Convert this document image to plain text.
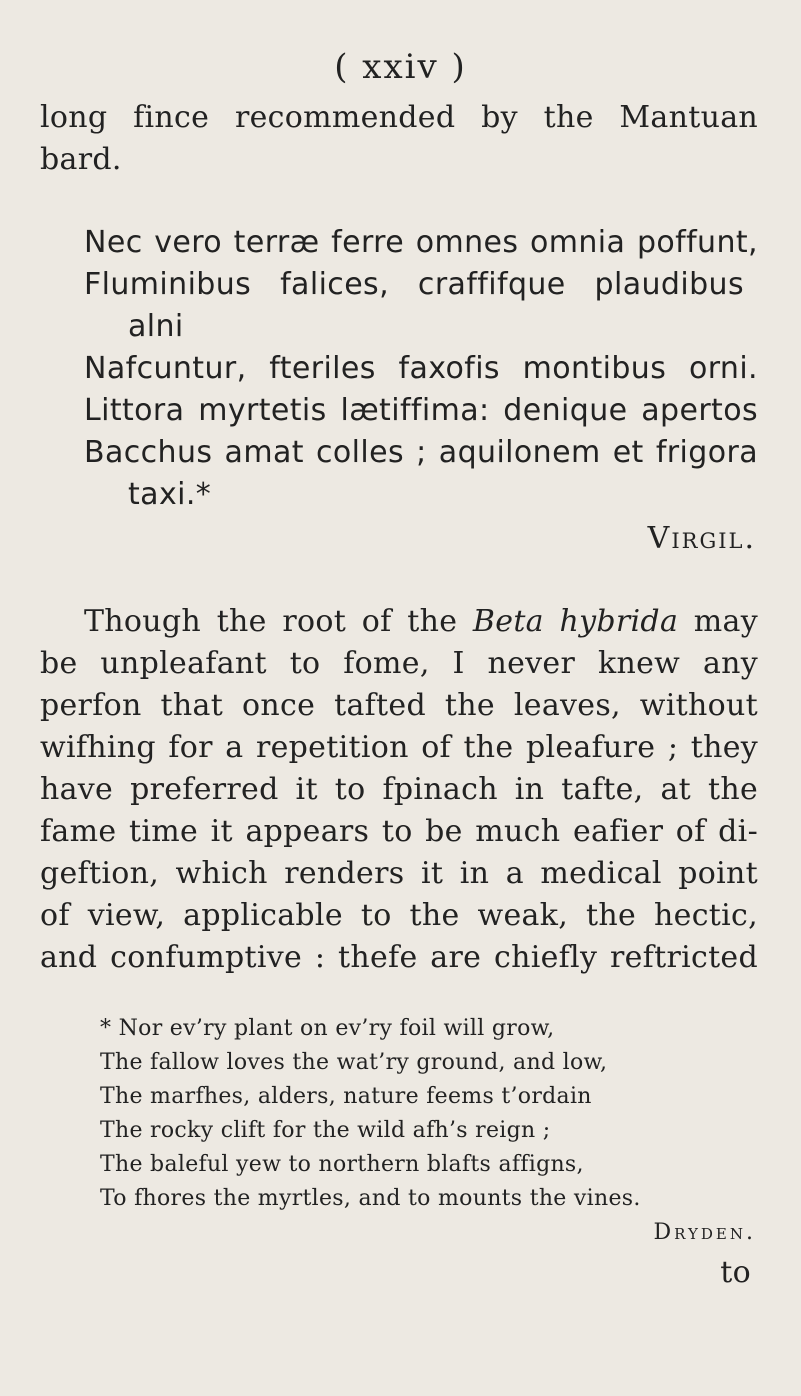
( xxiv )
long fince recommended by the Mantuan
bard.
Nec vero terræ ferre omnes omnia poffunt,
Fluminibus falices, craffifque plaudibus
alni
Nafcuntur, fteriles faxofis montibus orni.
Littora myrtetis lætiffima: denique apertos
Bacchus amat colles ; aquilonem et frigora
taxi.*
Virgil.
Though the root of the Beta hybrida may
be unpleafant to fome, I never knew any
perfon that once tafted the leaves, without
wifhing for a repetition of the pleafure ; they
have preferred it to fpinach in tafte, at the
fame time it appears to be much eafier of di-
geftion, which renders it in a medical point
of view, applicable to the weak, the hectic,
and confumptive : thefe are chiefly reftricted
* Nor ev’ry plant on ev’ry foil will grow,
The fallow loves the wat’ry ground, and low,
The marfhes, alders, nature feems t’ordain
The rocky clift for the wild afh’s reign ;
The baleful yew to northern blafts affigns,
To fhores the myrtles, and to mounts the vines.
Dryden.
to
